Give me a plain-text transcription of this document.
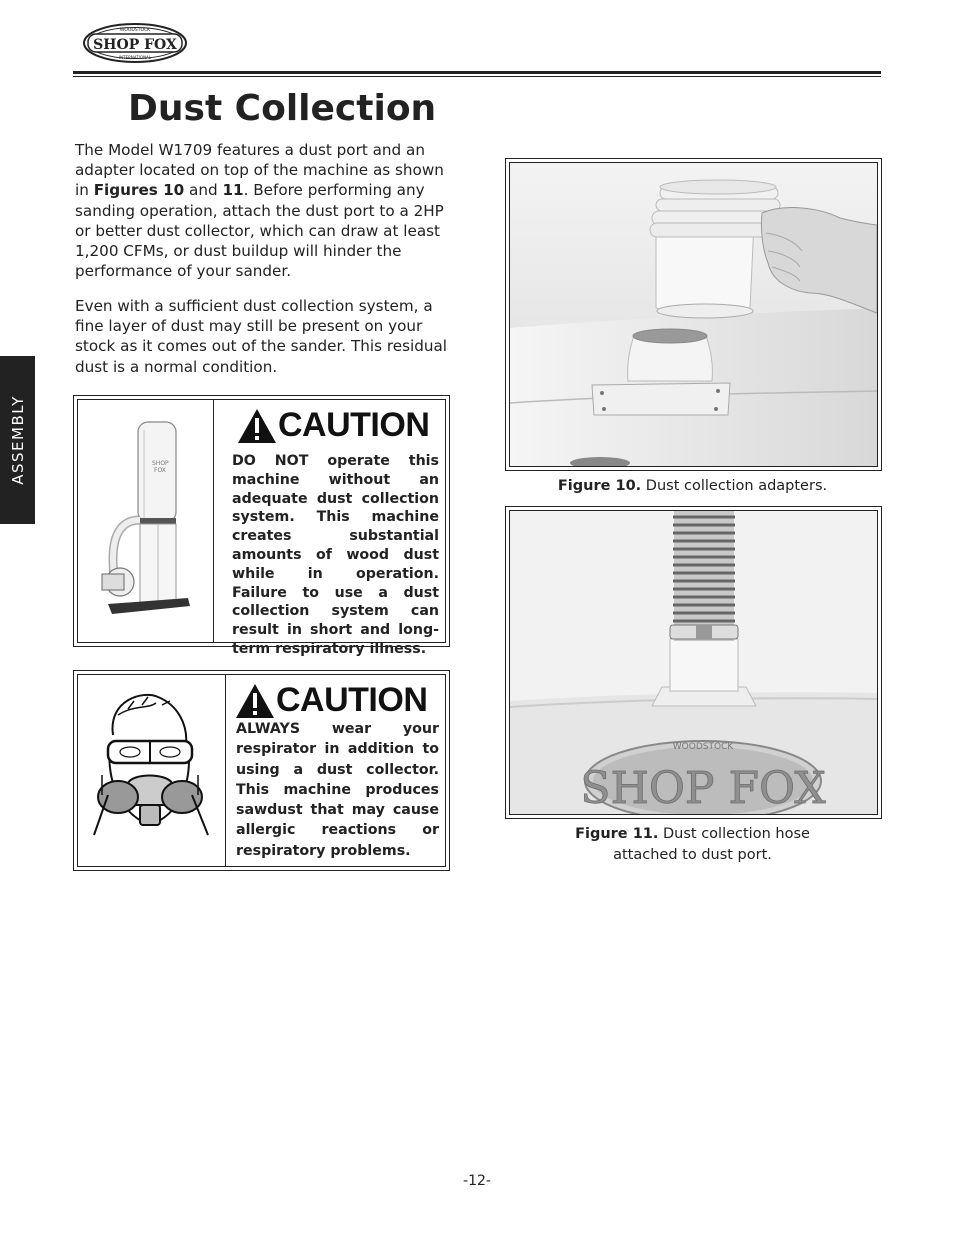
SHOP FOX
WOODSTOCK
INTERNATIONAL
ASSEMBLY
Dust Collection

The Model W1709 features a dust port and an adapter located on top of the machine as shown in Figures 10 and 11. Before performing any sanding operation, attach the dust port to a 2HP or better dust collector, which can draw at least 1,200 CFMs, or dust buildup will hinder the performance of your sander.

Even with a sufficient dust collection system, a fine layer of dust may still be present on your stock as it comes out of the sander. This residual dust is a normal condition.

SHOP
FOX
CAUTION

DO NOT operate this machine without an adequate dust collection system. This machine creates substantial amounts of wood dust while in operation. Failure to use a dust collection system can result in short and long-term respiratory illness.

CAUTION

ALWAYS wear your respirator in addition to using a dust collector. This machine produces sawdust that may cause allergic reactions or respiratory problems.

Figure 10. Dust collection adapters.
SHOP FOX
WOODSTOCK
Figure 11. Dust collection hose
attached to dust port.
-12-
